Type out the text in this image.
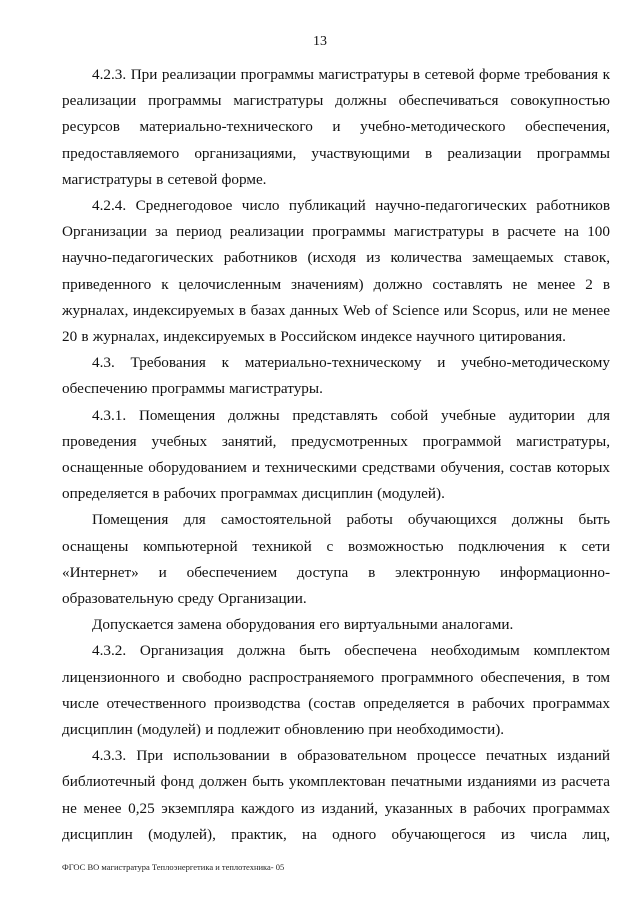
13

4.2.3. При реализации программы магистратуры в сетевой форме требования к реализации программы магистратуры должны обеспечиваться совокупностью ресурсов материально-технического и учебно-методического обеспечения, предоставляемого организациями, участвующими в реализации программы магистратуры в сетевой форме.

4.2.4. Среднегодовое число публикаций научно-педагогических работников Организации за период реализации программы магистратуры в расчете на 100 научно-педагогических работников (исходя из количества замещаемых ставок, приведенного к целочисленным значениям) должно составлять не менее 2 в журналах, индексируемых в базах данных Web of Science или Scopus, или не менее 20 в журналах, индексируемых в Российском индексе научного цитирования.

4.3. Требования к материально-техническому и учебно-методическому обеспечению программы магистратуры.

4.3.1. Помещения должны представлять собой учебные аудитории для проведения учебных занятий, предусмотренных программой магистратуры, оснащенные оборудованием и техническими средствами обучения, состав которых определяется в рабочих программах дисциплин (модулей).

Помещения для самостоятельной работы обучающихся должны быть оснащены компьютерной техникой с возможностью подключения к сети «Интернет» и обеспечением доступа в электронную информационно-образовательную среду Организации.

Допускается замена оборудования его виртуальными аналогами.

4.3.2. Организация должна быть обеспечена необходимым комплектом лицензионного и свободно распространяемого программного обеспечения, в том числе отечественного производства (состав определяется в рабочих программах дисциплин (модулей) и подлежит обновлению при необходимости).

4.3.3. При использовании в образовательном процессе печатных изданий библиотечный фонд должен быть укомплектован печатными изданиями из расчета не менее 0,25 экземпляра каждого из изданий, указанных в рабочих программах дисциплин (модулей), практик, на одного обучающегося из числа лиц,

ФГОС ВО магистратура Теплоэнергетика и теплотехника- 05
